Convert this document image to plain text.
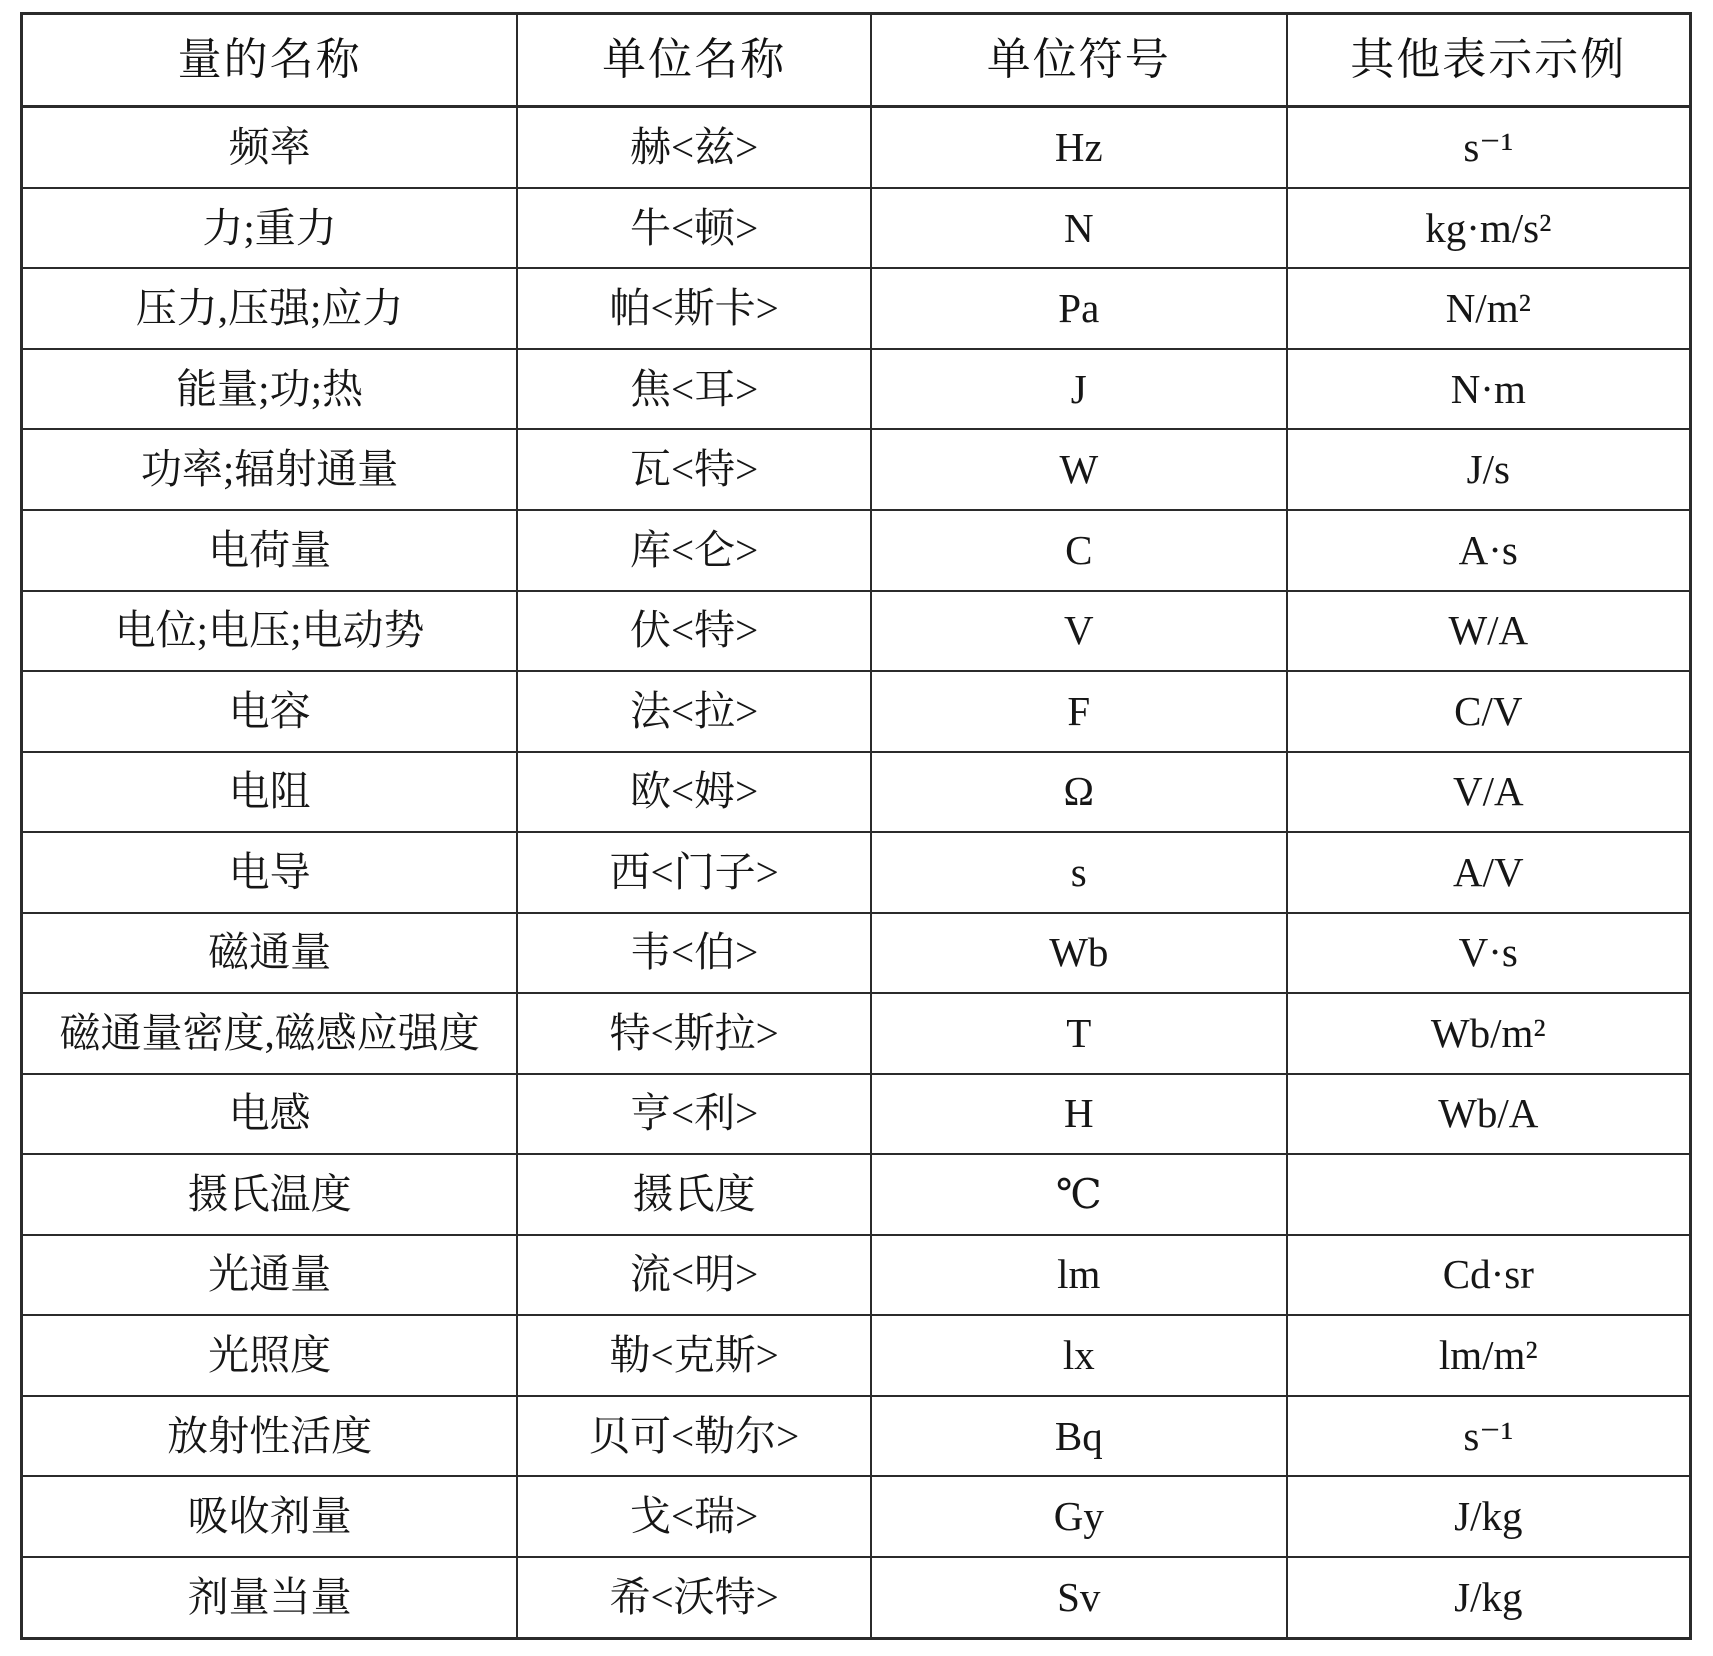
量的名称	单位名称	单位符号	其他表示示例
频率	赫<兹>	Hz	s⁻¹
力;重力	牛<顿>	N	kg·m/s²
压力,压强;应力	帕<斯卡>	Pa	N/m²
能量;功;热	焦<耳>	J	N·m
功率;辐射通量	瓦<特>	W	J/s
电荷量	库<仑>	C	A·s
电位;电压;电动势	伏<特>	V	W/A
电容	法<拉>	F	C/V
电阻	欧<姆>	Ω	V/A
电导	西<门子>	s	A/V
磁通量	韦<伯>	Wb	V·s
磁通量密度,磁感应强度	特<斯拉>	T	Wb/m²
电感	亨<利>	H	Wb/A
摄氏温度	摄氏度	℃	
光通量	流<明>	lm	Cd·sr
光照度	勒<克斯>	lx	lm/m²
放射性活度	贝可<勒尔>	Bq	s⁻¹
吸收剂量	戈<瑞>	Gy	J/kg
剂量当量	希<沃特>	Sv	J/kg
